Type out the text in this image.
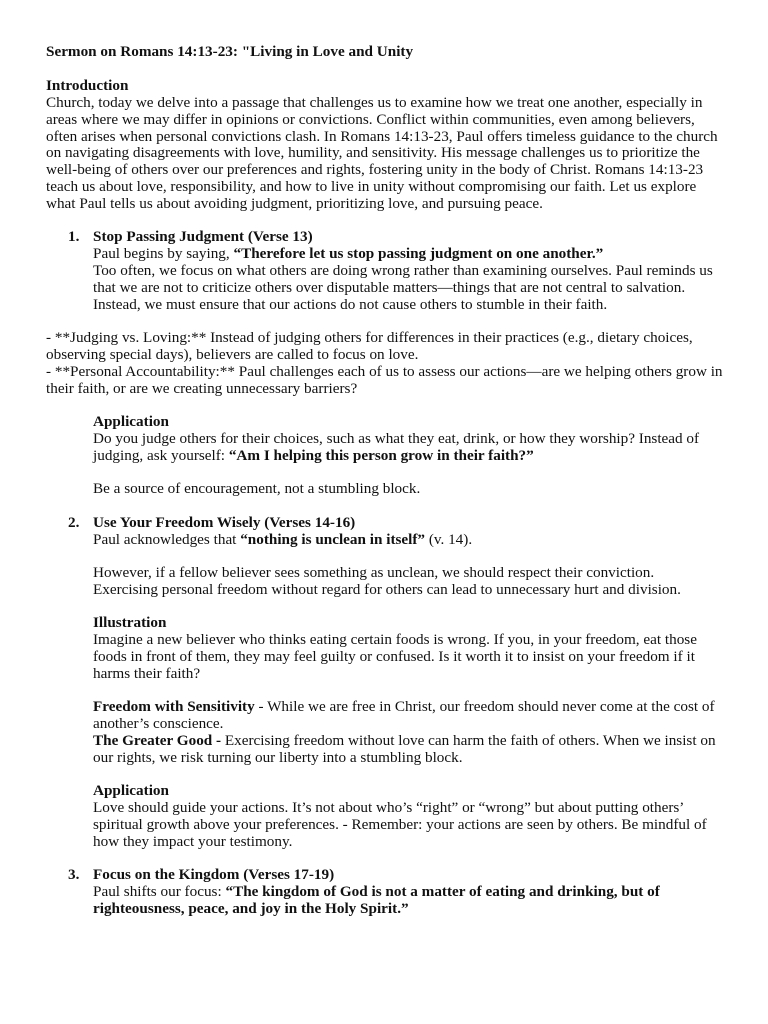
Sermon on Romans 14:13-23: "Living in Love and Unity

Introduction

Church, today we delve into a passage that challenges us to examine how we treat one another, especially in areas where we may differ in opinions or convictions. Conflict within communities, even among believers, often arises when personal convictions clash. In Romans 14:13-23, Paul offers timeless guidance to the church on navigating disagreements with love, humility, and sensitivity. His message challenges us to prioritize the well-being of others over our preferences and rights, fostering unity in the body of Christ. Romans 14:13-23 teach us about love, responsibility, and how to live in unity without compromising our faith. Let us explore what Paul tells us about avoiding judgment, prioritizing love, and pursuing peace.

1. Stop Passing Judgment (Verse 13)

Paul begins by saying, “Therefore let us stop passing judgment on one another.”

Too often, we focus on what others are doing wrong rather than examining ourselves. Paul reminds us that we are not to criticize others over disputable matters—things that are not central to salvation. Instead, we must ensure that our actions do not cause others to stumble in their faith.

- **Judging vs. Loving:** Instead of judging others for differences in their practices (e.g., dietary choices, observing special days), believers are called to focus on love.

- **Personal Accountability:** Paul challenges each of us to assess our actions—are we helping others grow in their faith, or are we creating unnecessary barriers?

Application

Do you judge others for their choices, such as what they eat, drink, or how they worship? Instead of judging, ask yourself: “Am I helping this person grow in their faith?”

Be a source of encouragement, not a stumbling block.

2. Use Your Freedom Wisely (Verses 14-16)

Paul acknowledges that “nothing is unclean in itself” (v. 14).

However, if a fellow believer sees something as unclean, we should respect their conviction. Exercising personal freedom without regard for others can lead to unnecessary hurt and division.

Illustration

Imagine a new believer who thinks eating certain foods is wrong. If you, in your freedom, eat those foods in front of them, they may feel guilty or confused. Is it worth it to insist on your freedom if it harms their faith?

Freedom with Sensitivity - While we are free in Christ, our freedom should never come at the cost of another’s conscience.

The Greater Good - Exercising freedom without love can harm the faith of others. When we insist on our rights, we risk turning our liberty into a stumbling block.

Application

Love should guide your actions. It’s not about who’s “right” or “wrong” but about putting others’ spiritual growth above your preferences. - Remember: your actions are seen by others. Be mindful of how they impact your testimony.

3. Focus on the Kingdom (Verses 17-19)

Paul shifts our focus: “The kingdom of God is not a matter of eating and drinking, but of righteousness, peace, and joy in the Holy Spirit.”
